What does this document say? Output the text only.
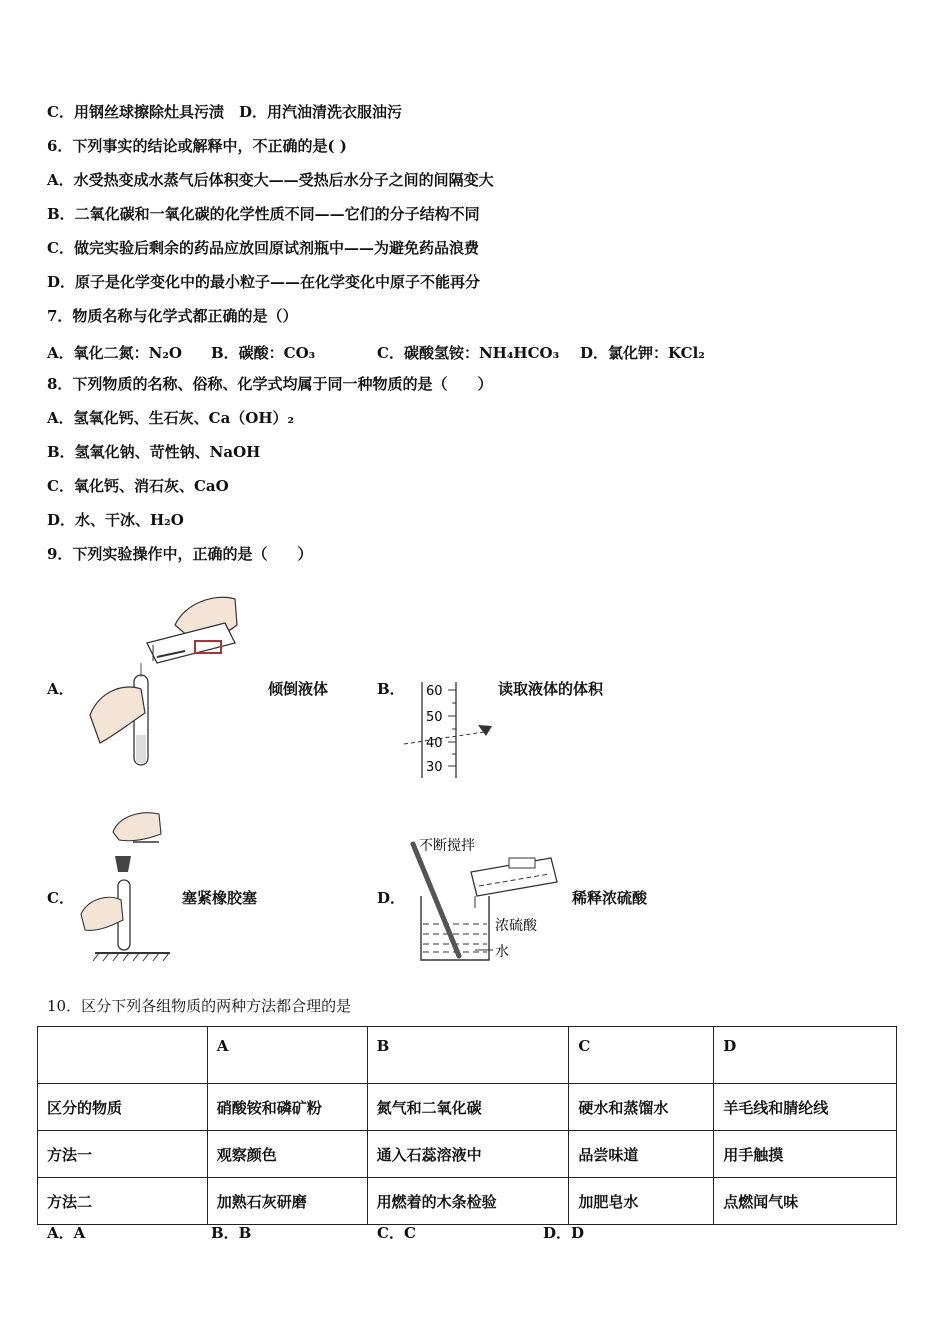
C．用钢丝球擦除灶具污渍　D．用汽油清洗衣服油污
6．下列事实的结论或解释中，不正确的是( )
A．水受热变成水蒸气后体积变大——受热后水分子之间的间隔变大
B．二氧化碳和一氧化碳的化学性质不同——它们的分子结构不同
C．做完实验后剩余的药品应放回原试剂瓶中——为避免药品浪费
D．原子是化学变化中的最小粒子——在化学变化中原子不能再分
7．物质名称与化学式都正确的是（）
A．氧化二氮：N₂O B．碳酸：CO₃	C．碳酸氢铵：NH₄HCO₃ D．氯化钾：KCl₂
8．下列物质的名称、俗称、化学式均属于同一种物质的是（　　）
A．氢氧化钙、生石灰、Ca（OH）₂
B．氢氧化钠、苛性钠、NaOH
C．氧化钙、消石灰、CaO
D．水、干冰、H₂O
9．下列实验操作中，正确的是（　　）
A．	倾倒液体	B． 60
50
40
30
读取液体的体积
C．	塞紧橡胶塞	D．
不断搅拌
浓硫酸
水
稀释浓硫酸
10．区分下列各组物质的两种方法都合理的是
	A	B	C	D
区分的物质	硝酸铵和磷矿粉	氮气和二氧化碳	硬水和蒸馏水	羊毛线和腈纶线
方法一	观察颜色	通入石蕊溶液中	品尝味道	用手触摸
方法二	加熟石灰研磨	用燃着的木条检验	加肥皂水	点燃闻气味
A．A	B．B	C．C	D．D
